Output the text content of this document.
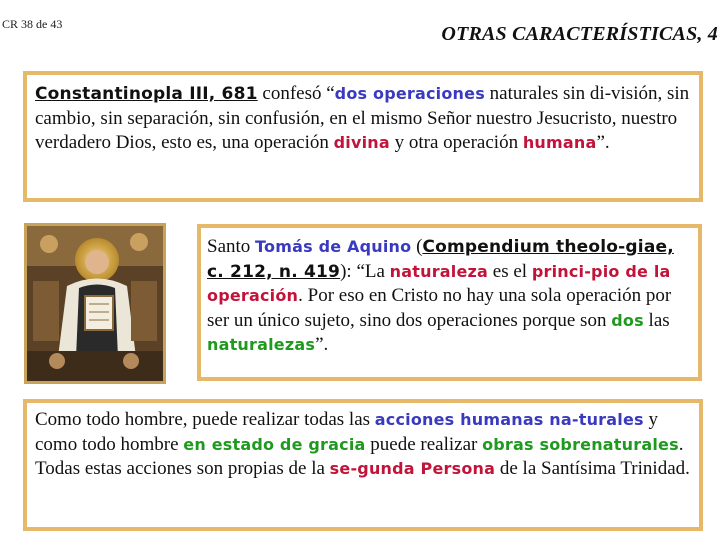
CR 38 de 43	OTRAS CARACTERÍSTICAS, 4

Constantinopla III, 681 confesó “dos operaciones naturales sin di-visión, sin cambio, sin separación, sin confusión, en el mismo Señor nuestro Jesucristo, nuestro verdadero Dios, esto es, una operación divina y otra operación humana”.

Santo Tomás de Aquino (Compendium theolo-giae, c. 212, n. 419): “La naturaleza es el princi-pio de la operación. Por eso en Cristo no hay una sola operación por ser un único sujeto, sino dos operaciones porque son dos las naturalezas”.

Como todo hombre, puede realizar todas las acciones humanas na-turales y como todo hombre en estado de gracia puede realizar obras sobrenaturales. Todas estas acciones son propias de la se-gunda Persona de la Santísima Trinidad.
